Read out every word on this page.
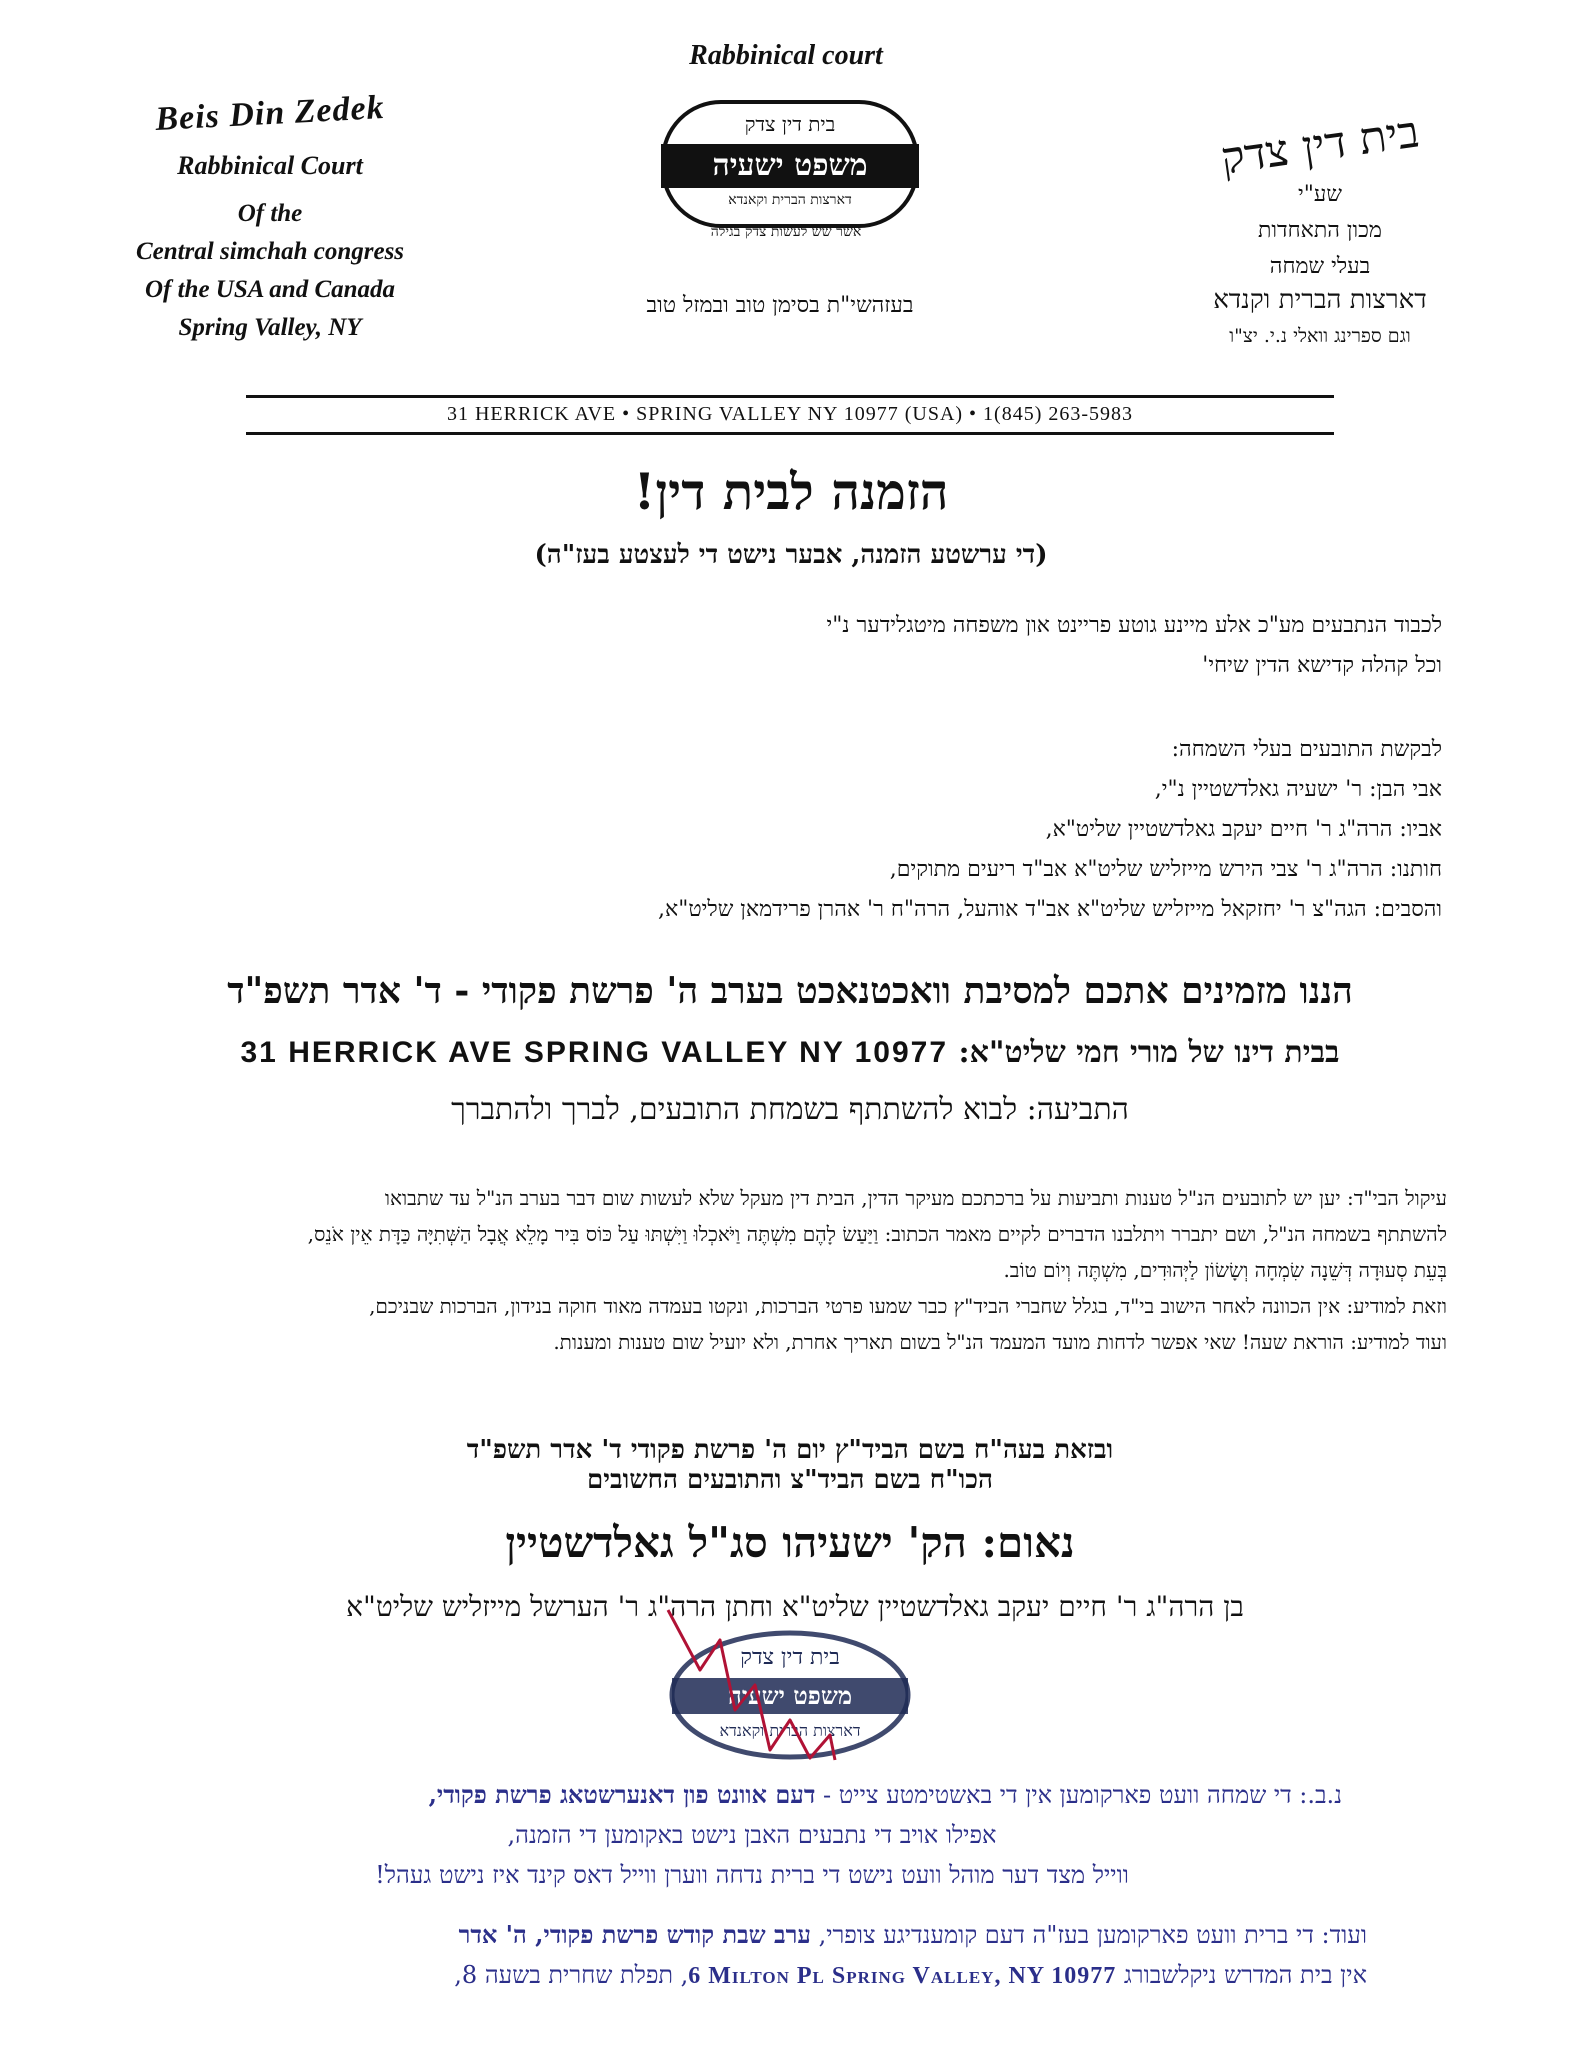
Beis Din Zedek
Rabbinical Court
Of the
Central simchah congress
Of the USA and Canada
Spring Valley, NY
Rabbinical court
בית דין צדק
משפט ישעיה
דארצות הברית וקאנדא
אשר שש לעשות צדק בגילה
בעזהשי"ת בסימן טוב ובמזל טוב
בית דין צדק
שע"י
מכון התאחדות
בעלי שמחה
דארצות הברית וקנדא
וגם ספרינג וואלי נ.י. יצ"ו
31 HERRICK AVE • SPRING VALLEY NY 10977 (USA) • 1(845) 263-5983
הזמנה לבית דין!
(די ערשטע הזמנה, אבער נישט די לעצטע בעז"ה)
לכבוד הנתבעים מע"כ אלע מיינע גוטע פריינט און משפחה מיטגלידער נ"י
וכל קהלה קדישא הדין שיחי'
לבקשת התובעים בעלי השמחה:
אבי הבן: ר' ישעיה גאלדשטיין נ"י,
אביו: הרה"ג ר' חיים יעקב גאלדשטיין שליט"א,
חותנו: הרה"ג ר' צבי הירש מייזליש שליט"א אב"ד ריעים מתוקים,
והסבים: הגה"צ ר' יחזקאל מייזליש שליט"א אב"ד אוהעל, הרה"ח ר' אהרן פרידמאן שליט"א,
הננו מזמינים אתכם למסיבת וואכטנאכט בערב ה' פרשת פקודי - ד' אדר תשפ"ד
בבית דינו של מורי חמי שליט"א: 31 HERRICK AVE SPRING VALLEY NY 10977
התביעה: לבוא להשתתף בשמחת התובעים, לברך ולהתברך
עיקול הבי"ד: יען יש לתובעים הנ"ל טענות ותביעות על ברכתכם מעיקר הדין, הבית דין מעקל שלא לעשות שום דבר בערב הנ"ל עד שתבואו
להשתתף בשמחה הנ"ל, ושם יתברר ויתלבנו הדברים לקיים מאמר הכתוב: וַיַּעַשׂ לָהֶם מִשְׁתֶּה וַיֹּאכְלוּ וַיִּשְׁתּוּ עַל כּוֹס בִּיר מָלֵא אֲבָל הַשְּׁתִיָּה כַּדָּת אֵין אֹנֵס,
בְּעֵת סְעוּדָה דְּשֵׁנָה שִׂמְחָה וְשָׂשׂוֹן לַיְּהוּדִים, מִשְׁתֶּה וְיוֹם טוֹב.
וזאת למודיע: אין הכוונה לאחר הישוב בי"ד, בגלל שחברי הביד"ץ כבר שמעו פרטי הברכות, ונקטו בעמדה מאוד חוקה בנידון, הברכות שבניכם,
ועוד למודיע: הוראת שעה! שאי אפשר לדחות מועד המעמד הנ"ל בשום תאריך אחרת, ולא יועיל שום טענות ומענות.
ובזאת בעה"ח בשם הביד"ץ יום ה' פרשת פקודי ד' אדר תשפ"ד
הכו"ח בשם הביד"צ והתובעים החשובים
נאום: הק' ישעיהו סג"ל גאלדשטיין
בן הרה"ג ר' חיים יעקב גאלדשטיין שליט"א וחתן הרה"ג ר' הערשל מייזליש שליט"א
בית דין צדק
משפט ישעיה
דארצות הברית וקאנדא
נ.ב.: די שמחה וועט פארקומען אין די באשטימטע צייט - דעם אוונט פון דאנערשטאג פרשת פקודי,
אפילו אויב די נתבעים האבן נישט באקומען די הזמנה,
ווייל מצד דער מוהל וועט נישט די ברית נדחה ווערן ווייל דאס קינד איז נישט געהל!
ועוד: די ברית וועט פארקומען בעז"ה דעם קומענדיגע צופרי, ערב שבת קודש פרשת פקודי, ה' אדר
אין בית המדרש ניקלשבורג 6 Milton Pl Spring Valley, NY 10977, תפלת שחרית בשעה 8,
